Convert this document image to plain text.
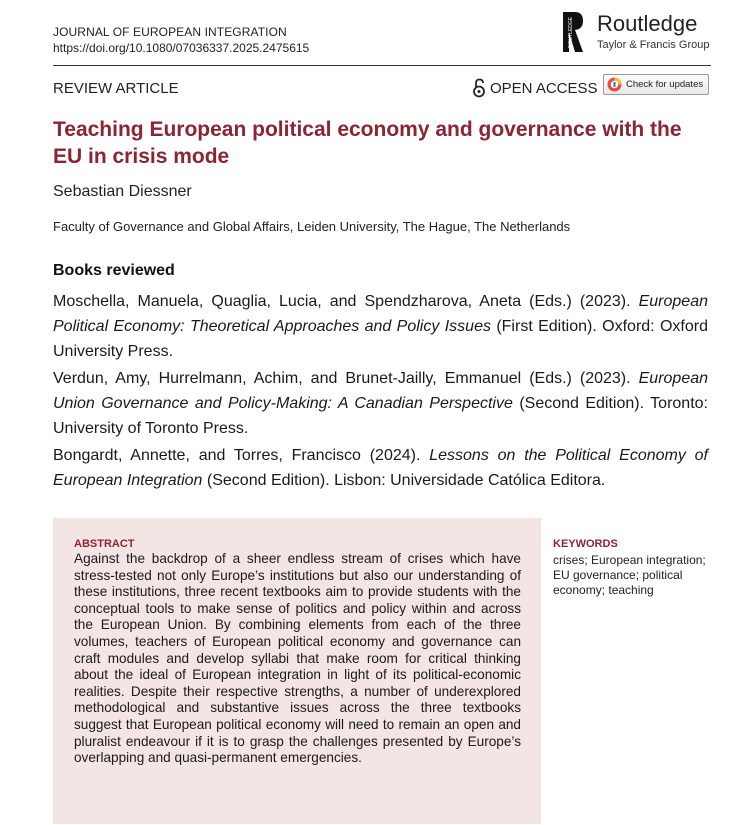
JOURNAL OF EUROPEAN INTEGRATION
https://doi.org/10.1080/07036337.2025.2475615	ROUTLEDGE Routledge
Taylor & Francis Group
REVIEW ARTICLE	OPEN ACCESS	Check for updates
Teaching European political economy and governance with the EU in crisis mode
Sebastian Diessner
Faculty of Governance and Global Affairs, Leiden University, The Hague, The Netherlands
Books reviewed

Moschella, Manuela, Quaglia, Lucia, and Spendzharova, Aneta (Eds.) (2023). European Political Economy: Theoretical Approaches and Policy Issues (First Edition). Oxford: Oxford University Press.

Verdun, Amy, Hurrelmann, Achim, and Brunet-Jailly, Emmanuel (Eds.) (2023). European Union Governance and Policy-Making: A Canadian Perspective (Second Edition). Toronto: University of Toronto Press.

Bongardt, Annette, and Torres, Francisco (2024). Lessons on the Political Economy of European Integration (Second Edition). Lisbon: Universidade Católica Editora.

ABSTRACT

Against the backdrop of a sheer endless stream of crises which have stress-tested not only Europe’s institutions but also our understanding of these institutions, three recent textbooks aim to provide students with the conceptual tools to make sense of politics and policy within and across the European Union. By combining elements from each of the three volumes, teachers of European political economy and governance can craft modules and develop syllabi that make room for critical thinking about the ideal of European integration in light of its political-economic realities. Despite their respective strengths, a number of underexplored methodological and substantive issues across the three textbooks suggest that European political economy will need to remain an open and pluralist endeavour if it is to grasp the challenges presented by Europe’s overlapping and quasi-permanent emergencies.

KEYWORDS

crises; European integration; EU governance; political economy; teaching
